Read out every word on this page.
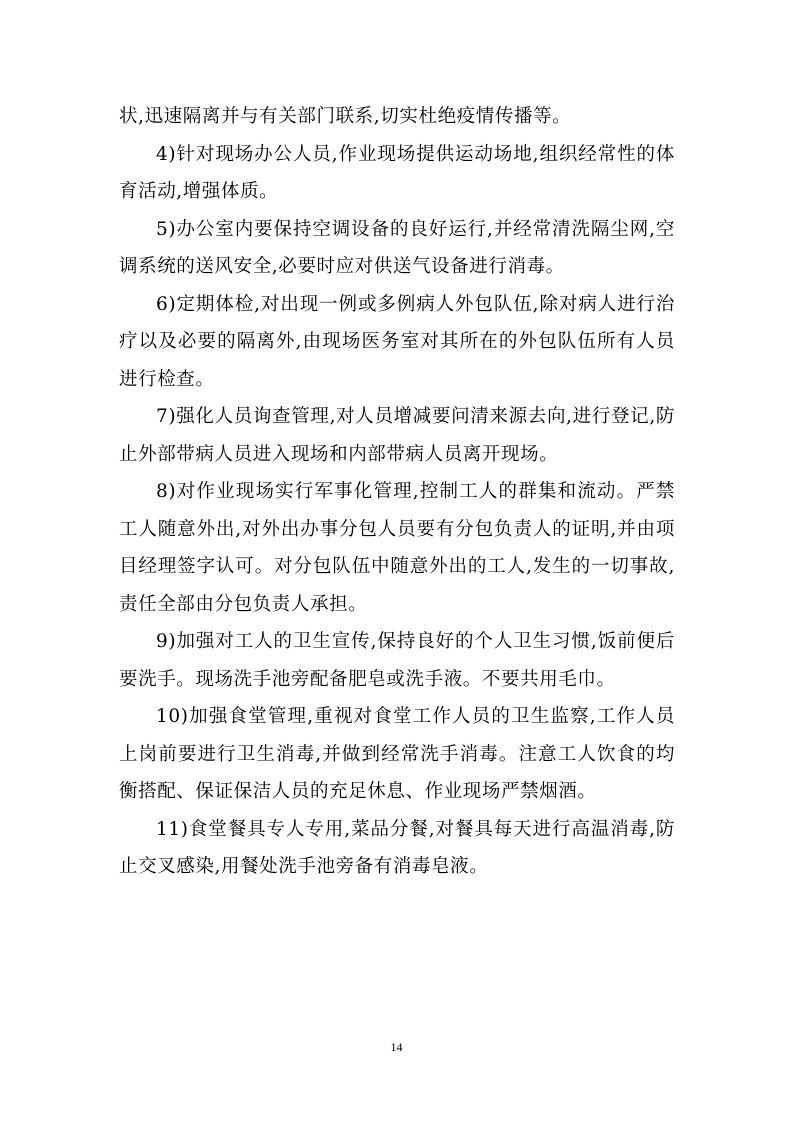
状,迅速隔离并与有关部门联系,切实杜绝疫情传播等。

4)针对现场办公人员,作业现场提供运动场地,组织经常性的体育活动,增强体质。

5)办公室内要保持空调设备的良好运行,并经常清洗隔尘网,空调系统的送风安全,必要时应对供送气设备进行消毒。

6)定期体检,对出现一例或多例病人外包队伍,除对病人进行治疗以及必要的隔离外,由现场医务室对其所在的外包队伍所有人员进行检查。

7)强化人员询查管理,对人员增减要问清来源去向,进行登记,防止外部带病人员进入现场和内部带病人员离开现场。

8)对作业现场实行军事化管理,控制工人的群集和流动。严禁工人随意外出,对外出办事分包人员要有分包负责人的证明,并由项目经理签字认可。对分包队伍中随意外出的工人,发生的一切事故,责任全部由分包负责人承担。

9)加强对工人的卫生宣传,保持良好的个人卫生习惯,饭前便后要洗手。现场洗手池旁配备肥皂或洗手液。不要共用毛巾。

10)加强食堂管理,重视对食堂工作人员的卫生监察,工作人员上岗前要进行卫生消毒,并做到经常洗手消毒。注意工人饮食的均衡搭配、保证保洁人员的充足休息、作业现场严禁烟酒。

11)食堂餐具专人专用,菜品分餐,对餐具每天进行高温消毒,防止交叉感染,用餐处洗手池旁备有消毒皂液。

14
